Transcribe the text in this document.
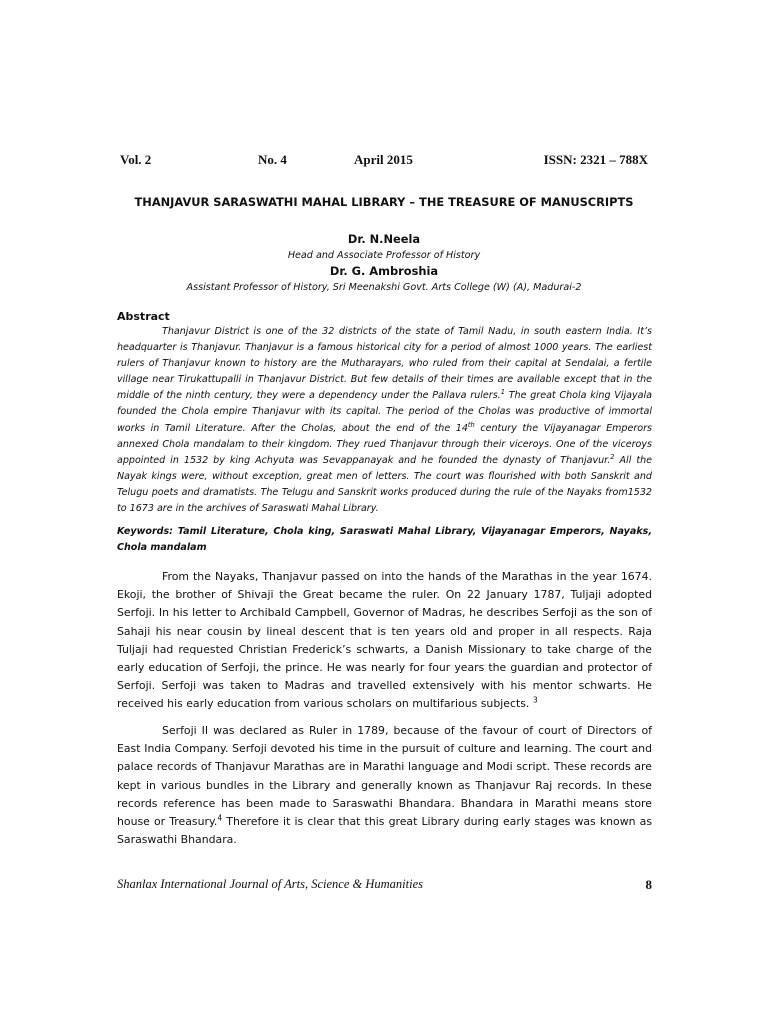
Vol. 2	No. 4	April 2015	ISSN: 2321 – 788X
THANJAVUR SARASWATHI MAHAL LIBRARY – THE TREASURE OF MANUSCRIPTS
Dr. N.Neela
Head and Associate Professor of History
Dr. G. Ambroshia
Assistant Professor of History, Sri Meenakshi Govt. Arts College (W) (A), Madurai-2
Abstract

Thanjavur District is one of the 32 districts of the state of Tamil Nadu, in south eastern India. It’s headquarter is Thanjavur. Thanjavur is a famous historical city for a period of almost 1000 years. The earliest rulers of Thanjavur known to history are the Mutharayars, who ruled from their capital at Sendalai, a fertile village near Tirukattupalli in Thanjavur District. But few details of their times are available except that in the middle of the ninth century, they were a dependency under the Pallava rulers.$^1$ The great Chola king Vijayala founded the Chola empire Thanjavur with its capital. The period of the Cholas was productive of immortal works in Tamil Literature. After the Cholas, about the end of the 14th century the Vijayanagar Emperors annexed Chola mandalam to their kingdom. They rued Thanjavur through their viceroys. One of the viceroys appointed in 1532 by king Achyuta was Sevappanayak and he founded the dynasty of Thanjavur.$^2$ All the Nayak kings were, without exception, great men of letters. The court was flourished with both Sanskrit and Telugu poets and dramatists. The Telugu and Sanskrit works produced during the rule of the Nayaks from1532 to 1673 are in the archives of Saraswati Mahal Library.

Keywords: Tamil Literature, Chola king, Saraswati Mahal Library, Vijayanagar Emperors, Nayaks, Chola mandalam

From the Nayaks, Thanjavur passed on into the hands of the Marathas in the year 1674. Ekoji, the brother of Shivaji the Great became the ruler. On 22 January 1787, Tuljaji adopted Serfoji. In his letter to Archibald Campbell, Governor of Madras, he describes Serfoji as the son of Sahaji his near cousin by lineal descent that is ten years old and proper in all respects. Raja Tuljaji had requested Christian Frederick’s schwarts, a Danish Missionary to take charge of the early education of Serfoji, the prince. He was nearly for four years the guardian and protector of Serfoji. Serfoji was taken to Madras and travelled extensively with his mentor schwarts. He received his early education from various scholars on multifarious subjects. $^3$

Serfoji II was declared as Ruler in 1789, because of the favour of court of Directors of East India Company. Serfoji devoted his time in the pursuit of culture and learning. The court and palace records of Thanjavur Marathas are in Marathi language and Modi script. These records are kept in various bundles in the Library and generally known as Thanjavur Raj records. In these records reference has been made to Saraswathi Bhandara. Bhandara in Marathi means store house or Treasury.$^4$ Therefore it is clear that this great Library during early stages was known as Saraswathi Bhandara.

Shanlax International Journal of Arts, Science & Humanities	8
